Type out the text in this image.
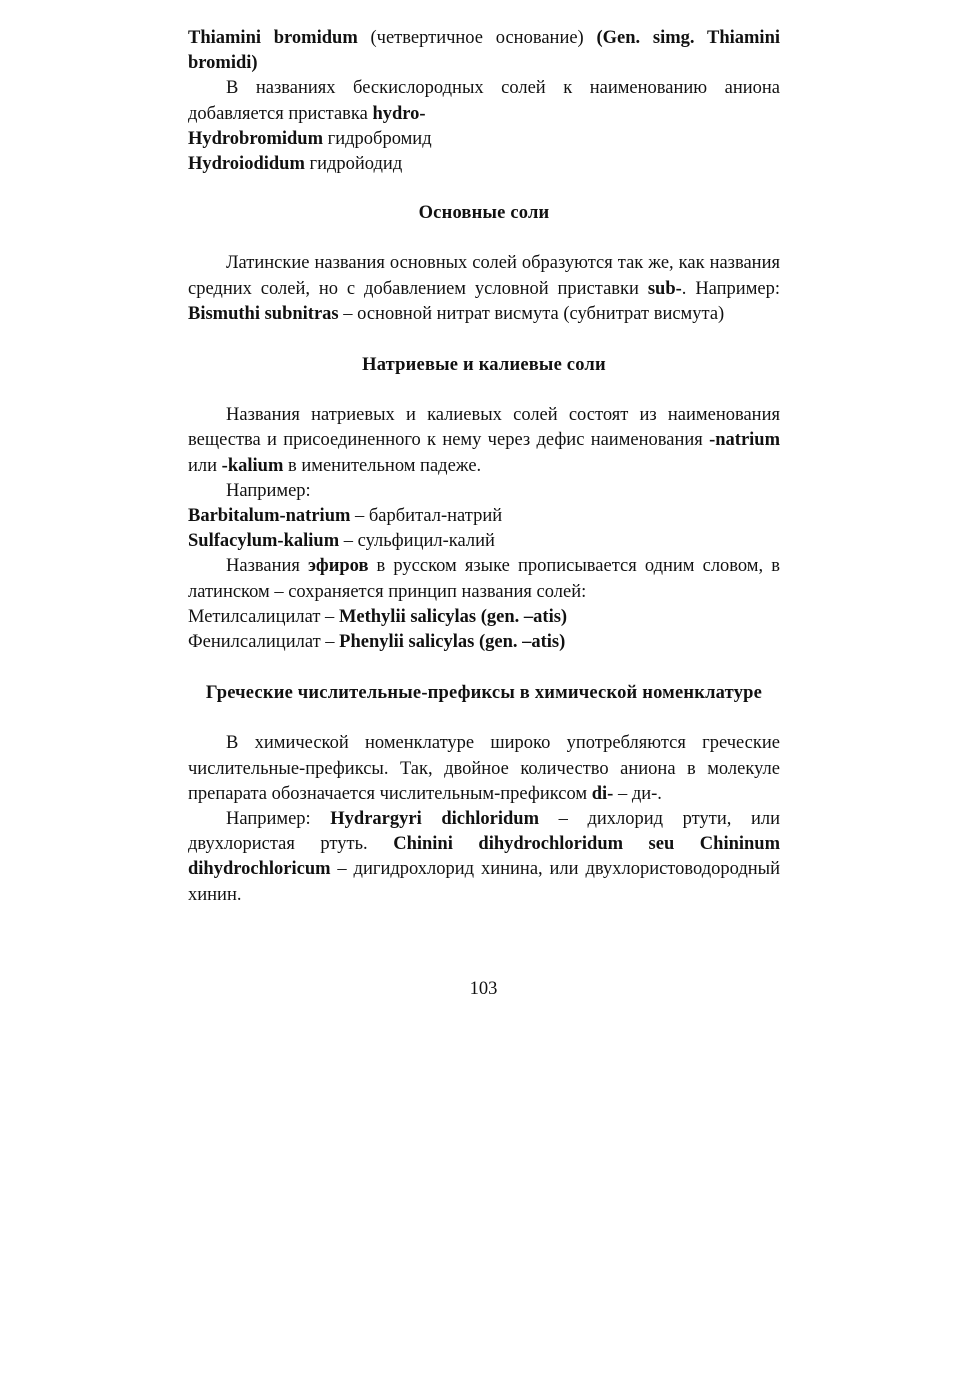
Thiamini bromidum (четвертичное основание) (Gen. simg. Thiamini bromidi)

В названиях бескислородных солей к наименованию аниона добавляется приставка hydro-

Hydrobromidum гидробромид

Hydroiodidum гидройодид

Основные соли

Латинские названия основных солей образуются так же, как названия средних солей, но с добавлением условной приставки sub-. Например: Bismuthi subnitras – основной нитрат висмута (субнитрат висмута)

Натриевые и калиевые соли

Названия натриевых и калиевых солей состоят из наименования вещества и присоединенного к нему через дефис наименования -natrium или -kalium в именительном падеже.

Например:

Barbitalum-natrium – барбитал-натрий

Sulfacylum-kalium – сульфицил-калий

Названия эфиров в русском языке прописывается одним словом, в латинском – сохраняется принцип названия солей:

Метилсалицилат – Methylii salicylas (gen. –atis)

Фенилсалицилат – Phenylii salicylas (gen. –atis)

Греческие числительные-префиксы в химической номенклатуре

В химической номенклатуре широко употребляются греческие числительные-префиксы. Так, двойное количество аниона в молекуле препарата обозначается числительным-префиксом di- – ди-.

Например: Hydrargyri dichloridum – дихлорид ртути, или двухлористая ртуть. Chinini dihydrochloridum seu Chininum dihydrochloricum – дигидрохлорид хинина, или двухлористоводородный хинин.

103
